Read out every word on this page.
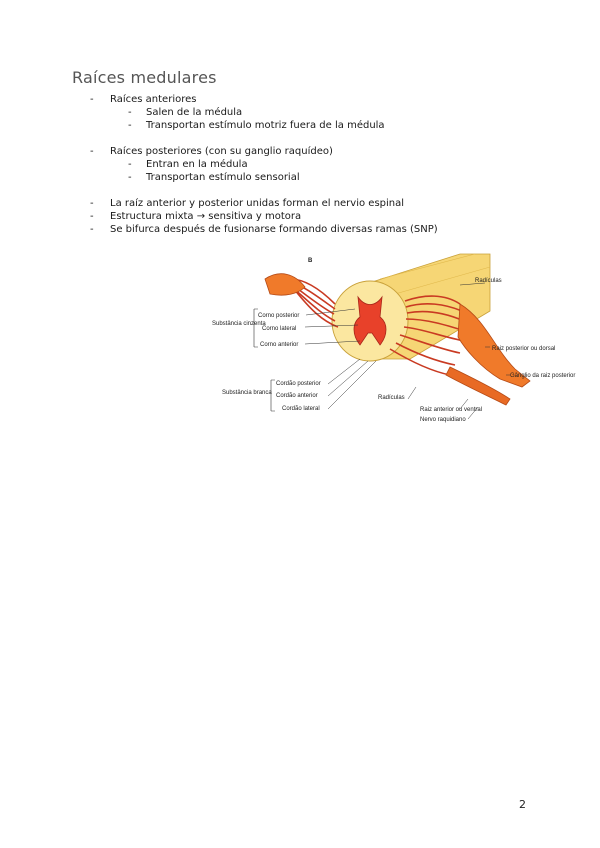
Raíces medulares
- Raíces anteriores
- Salen de la médula
- Transportan estímulo motriz fuera de la médula
- Raíces posteriores (con su ganglio raquídeo)
- Entran en la médula
- Transportan estímulo sensorial
- La raíz anterior y posterior unidas forman el nervio espinal
- Estructura mixta → sensitiva y motora
- Se bifurca después de fusionarse formando diversas ramas (SNP)
B
Substância cinzenta
Corno posterior
Corno lateral
Corno anterior
Substância branca
Cordão posterior
Cordão anterior
Cordão lateral
Radículas
Raiz posterior ou dorsal
Gânglio da raiz posterior
Radículas
Raiz anterior ou ventral
Nervo raquidiano
2
